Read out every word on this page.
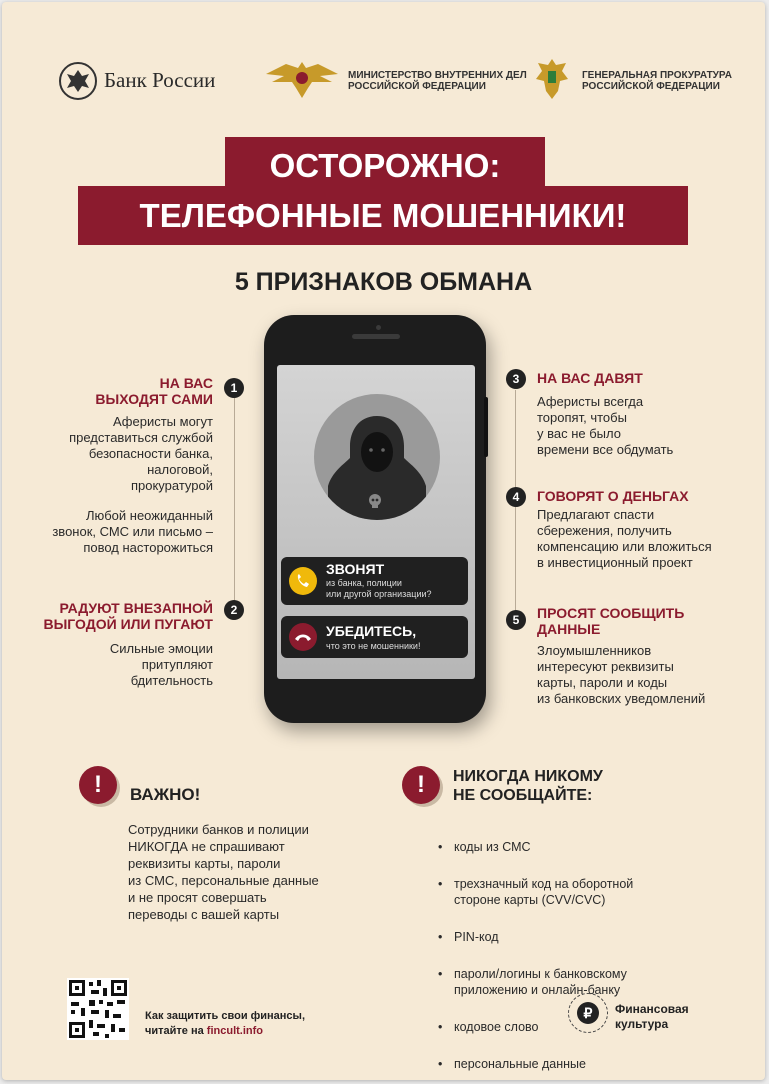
Банк России	МИНИСТЕРСТВО ВНУТРЕННИХ ДЕЛ
РОССИЙСКОЙ ФЕДЕРАЦИИ
ГЕНЕРАЛЬНАЯ ПРОКУРАТУРА
РОССИЙСКОЙ ФЕДЕРАЦИИ
ТЕЛЕФОННЫЕ МОШЕННИКИ!
ОСТОРОЖНО:
5 ПРИЗНАКОВ ОБМАНА
1
НА ВАС
ВЫХОДЯТ САМИ
Аферисты могут
представиться службой
безопасности банка,
налоговой,
прокуратурой
Любой неожиданный
звонок, СМС или письмо –
повод насторожиться
2
РАДУЮТ ВНЕЗАПНОЙ
ВЫГОДОЙ ИЛИ ПУГАЮТ
Сильные эмоции
притупляют
бдительность
3	НА ВАС ДАВЯТ
Аферисты всегда
торопят, чтобы
у вас не было
времени все обдумать
4	ГОВОРЯТ О ДЕНЬГАХ
Предлагают спасти
сбережения, получить
компенсацию или вложиться
в инвестиционный проект
5	ПРОСЯТ СООБЩИТЬ
ДАННЫЕ
Злоумышленников
интересуют реквизиты
карты, пароли и коды
из банковских уведомлений
ЗВОНЯТ
из банка, полиции
или другой организации?
УБЕДИТЕСЬ,
что это не мошенники!
!	ВАЖНО!
Сотрудники банков и полиции
НИКОГДА не спрашивают
реквизиты карты, пароли
из СМС, персональные данные
и не просят совершать
переводы с вашей карты
!	НИКОГДА НИКОМУ
НЕ СООБЩАЙТЕ:

• коды из СМС

• трехзначный код на оборотной
стороне карты (CVV/CVC)

• PIN-код

• пароли/логины к банковскому
приложению и онлайн-банку

• кодовое слово

• персональные данные

Как защитить свои финансы,
читайте на fincult.info
₽	Финансовая
культура
